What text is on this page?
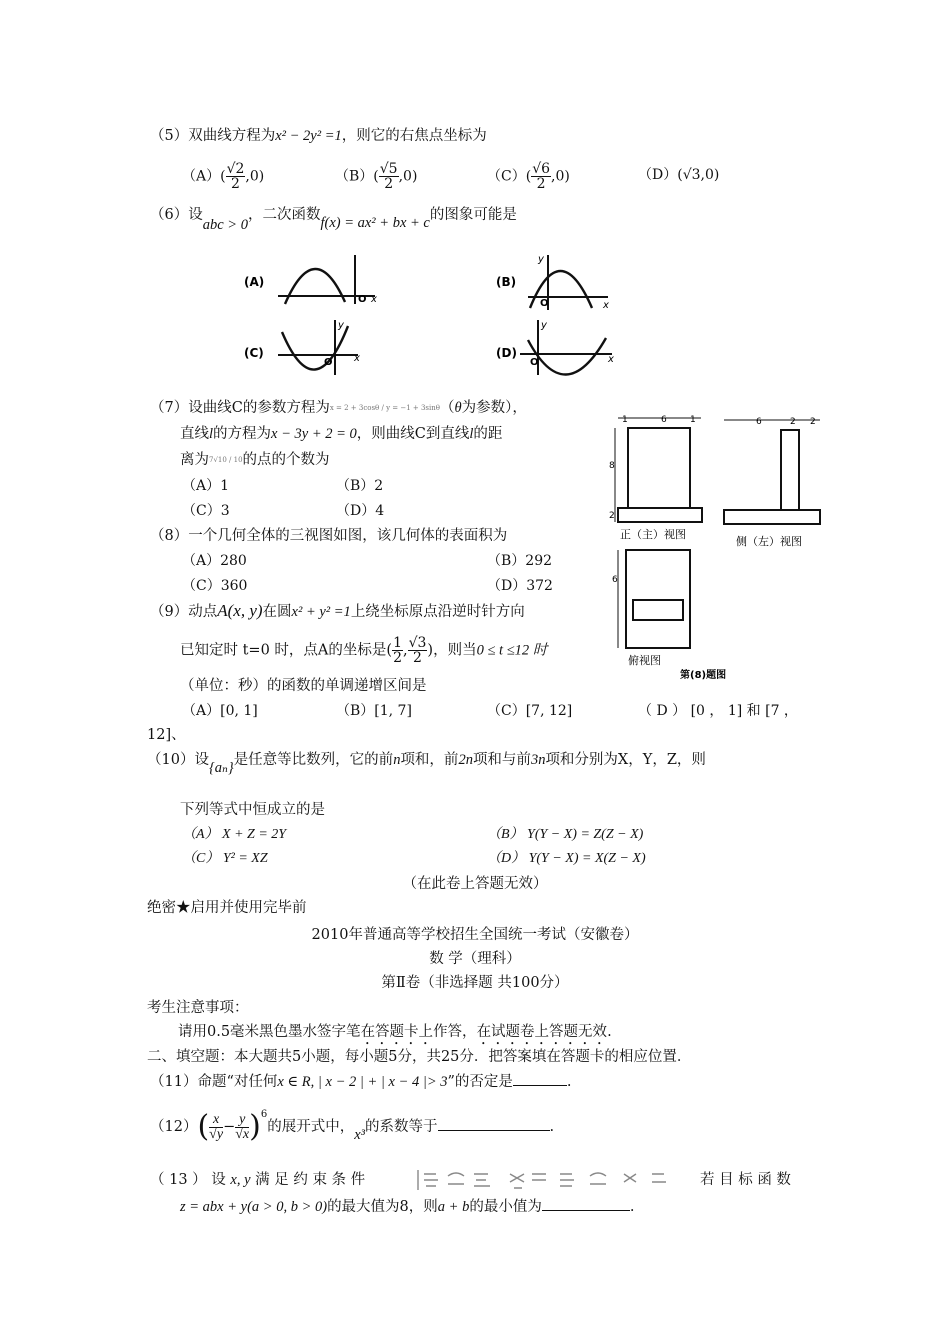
（5）双曲线方程为x² − 2y² =1，则它的右焦点坐标为
$(A)( \frac{√2}{2} ,0)$	$(B)( \frac{√5}{2} ,0)$	$(C)( \frac{√6}{2} ,0)$	（D）(√3,0)
（6）设abc > 0，二次函数f(x) = ax² + bx + c的图象可能是
(A)
O x
(B)
y
O	x
(C)
y
O x	(D)
y
O	x
（7）设曲线C的参数方程为x = 2 + 3cosθ / y = −1 + 3sinθ（θ为参数），
直线l的方程为x − 3y + 2 = 0，则曲线C到直线l的距
离为7√10 / 10的点的个数为
（A）1	（B）2
（C）3	（D）4
1	6	1
8
2
正（主）视图
6	2 2
侧（左）视图
6
俯视图
第(8)题图
（8）一个几何全体的三视图如图，该几何体的表面积为
（A）280	（B）292
（C）360	（D）372
（9）动点A(x, y)在圆x² + y² =1上绕坐标原点沿逆时针方向
已知定时 t=0 时，点A的坐标是( $\frac{1}{2}$ , $\frac{√3}{2}$ )，则当0 ≤ t ≤12 时
（单位：秒）的函数的单调递增区间是
（A）[0, 1]	（B）[1, 7]	（C）[7, 12]	（ D ） [0 ， 1] 和 [7 ，
12]、
（10）设{aₙ}是任意等比数列，它的前n项和，前2n项和与前3n项和分别为X，Y，Z，则
下列等式中恒成立的是
（A） X + Z = 2Y	（B） Y(Y − X) = Z(Z − X)
（C） Y² = XZ	（D） Y(Y − X) = X(Z − X)
（在此卷上答题无效）
绝密★启用并使用完毕前
2010年普通高等学校招生全国统一考试（安徽卷）
数 学（理科）
第Ⅱ卷（非选择题 共100分）
考生注意事项：
请用0.5毫米黑色墨水签字笔在答题卡上作答，在试题卷上答题无效.
二、填空题：本大题共5小题，每小题5分，共25分．把答案填在答题卡的相应位置．
（11）命题“对任何x ∈ R, | x − 2 | + | x − 4 |> 3”的否定是	.
$(12)( \frac{x}{√y} - \frac{y}{√x} )^6$的展开式中，x³的系数等于	.
（ 13 ） 设 x, y 满 足 约 束 条 件	若 目 标 函 数
z = abx + y(a > 0, b > 0)的最大值为8，则a + b的最小值为	.
